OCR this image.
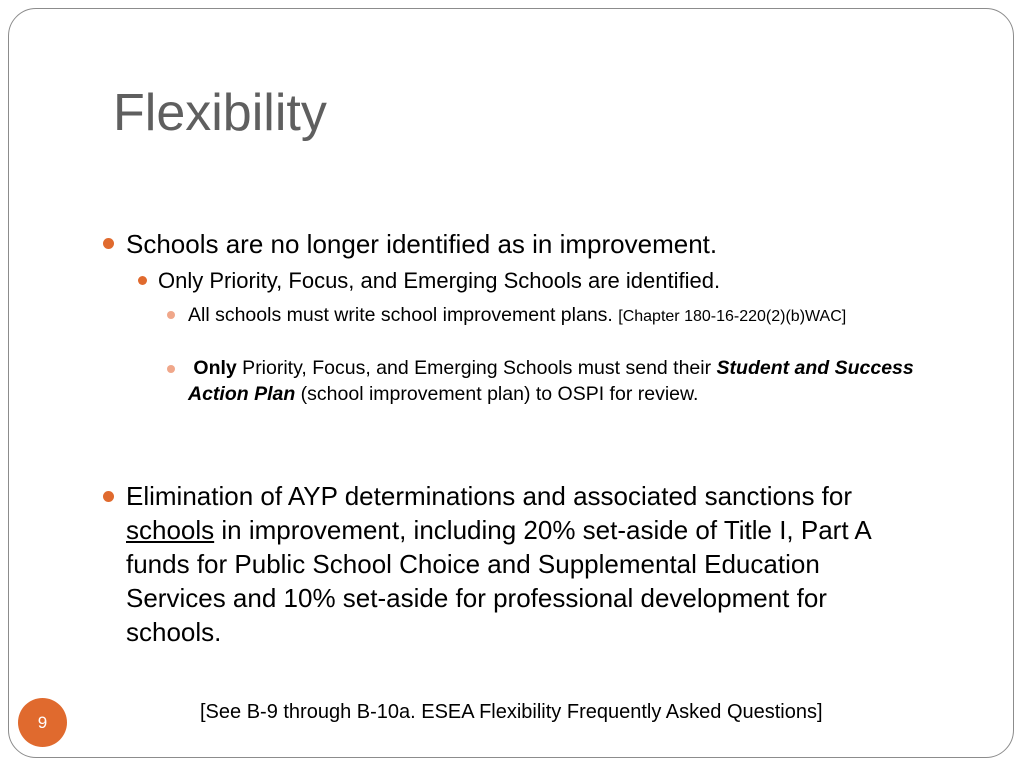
Flexibility
Schools are no longer identified as in improvement.
Only Priority, Focus, and Emerging Schools are identified.
All schools must write school improvement plans. [Chapter 180-16-220(2)(b)WAC]
Only Priority, Focus, and Emerging Schools must send their Student and Success Action Plan (school improvement plan) to OSPI for review.
Elimination of AYP determinations and associated sanctions for schools in improvement, including 20% set-aside of Title I, Part A funds for Public School Choice and Supplemental Education Services and 10% set-aside for professional development for schools.
[See B-9 through B-10a. ESEA Flexibility Frequently Asked Questions]
9
